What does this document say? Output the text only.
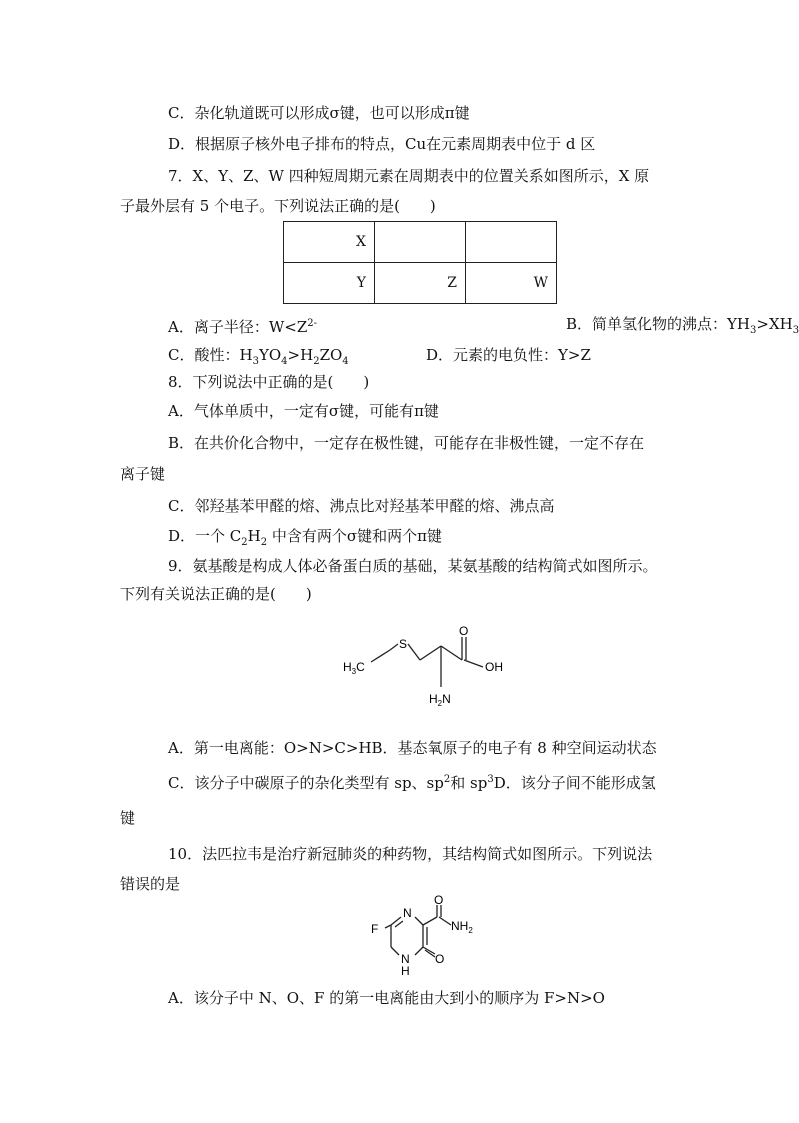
C．杂化轨道既可以形成σ键，也可以形成π键
D．根据原子核外电子排布的特点，Cu在元素周期表中位于 d 区
7．X、Y、Z、W 四种短周期元素在周期表中的位置关系如图所示，X 原
子最外层有 5 个电子。下列说法正确的是(　　)
X		
Y	Z	W
A．离子半径：$W<Z^{2-}$	B．简单氢化物的沸点：$YH_3>XH_3$
C．酸性：$H_3YO_4>H_2ZO_4$	D．元素的电负性：Y>Z
8．下列说法中正确的是(　　)
A．气体单质中，一定有σ键，可能有π键
B．在共价化合物中，一定存在极性键，可能存在非极性键，一定不存在
离子键
C．邻羟基苯甲醛的熔、沸点比对羟基苯甲醛的熔、沸点高
D．一个 $C_2H_2$ 中含有两个σ键和两个π键
9．氨基酸是构成人体必备蛋白质的基础，某氨基酸的结构简式如图所示。
下列有关说法正确的是(　　)
O
OH
S
$H_3C$
$H_2N$
A．第一电离能：O>N>C>HB．基态氧原子的电子有 8 种空间运动状态
C．该分子中碳原子的杂化类型有 sp、$sp^2$和 $sp^3D$．该分子间不能形成氢
键
10．法匹拉韦是治疗新冠肺炎的种药物，其结构简式如图所示。下列说法
错误的是
F
N
O
$NH_2$
N
H
O
A．该分子中 N、O、F 的第一电离能由大到小的顺序为 F>N>O
